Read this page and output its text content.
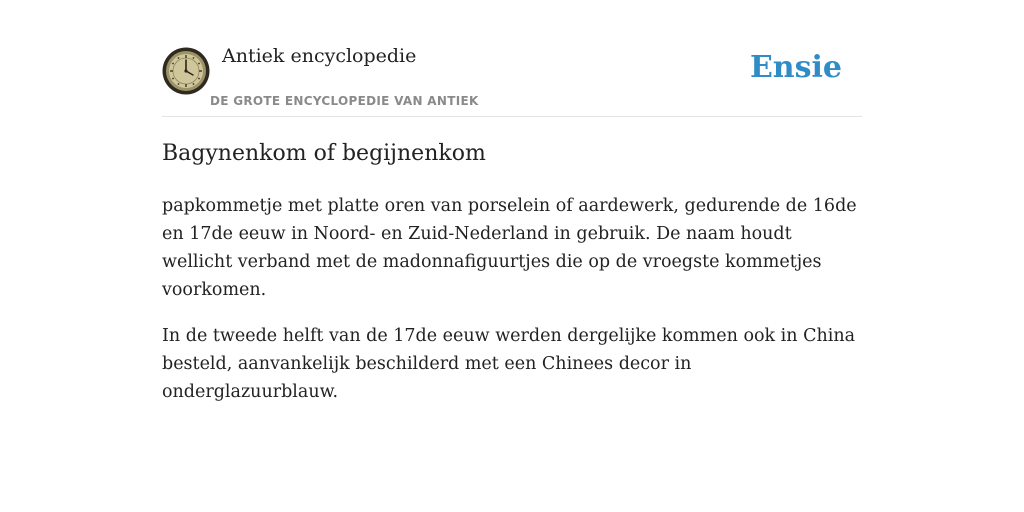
Antiek encyclopedie
DE GROTE ENCYCLOPEDIE VAN ANTIEK
Ensie
Bagynenkom of begijnenkom

papkommetje met platte oren van porselein of aardewerk, gedurende de 16de en 17de eeuw in Noord- en Zuid-Nederland in gebruik. De naam houdt wellicht verband met de madonnafiguurtjes die op de vroegste kommetjes voorkomen.

In de tweede helft van de 17de eeuw werden dergelijke kommen ook in China besteld, aanvankelijk beschilderd met een Chinees decor in onderglazuurblauw.
